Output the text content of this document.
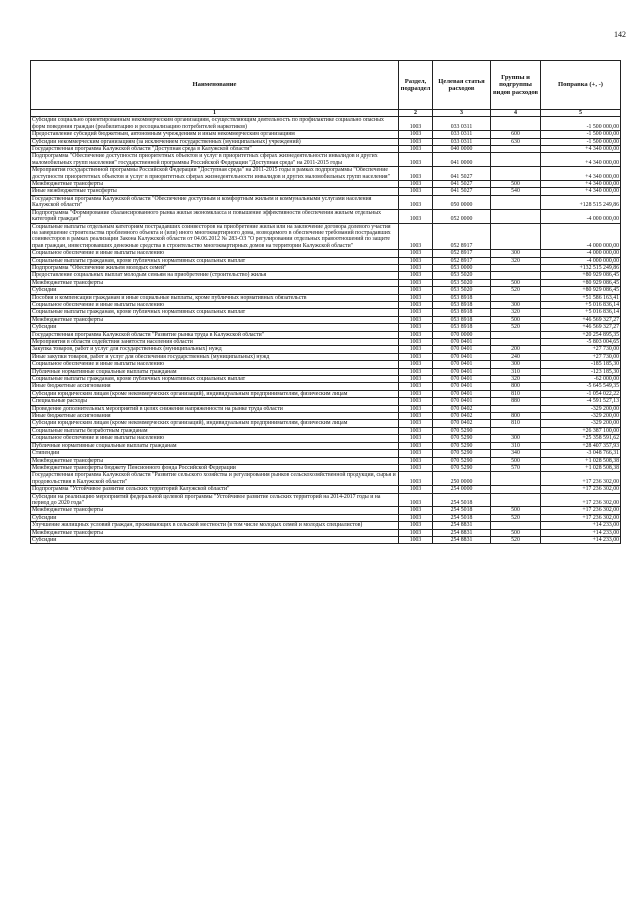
142
Наименование	Раздел, подраздел	Целевая статья расходов	Группы и подгруппы видов расходов	Поправка (+, -)
1	2	3	4	5
Субсидии социально ориентированным некоммерческим организациям, осуществляющим деятельность по профилактике социально опасных форм поведения граждан (реабилитацию и ресоциализацию потребителей наркотиков)	1003	033 0311		-1 500 000,00
Предоставление субсидий бюджетным, автономным учреждениям и иным некоммерческим организациям	1003	033 0311	600	-1 500 000,00
Субсидии некоммерческим организациям (за исключением государственных (муниципальных) учреждений)	1003	033 0311	630	-1 500 000,00
Государственная программа Калужской области "Доступная среда в Калужской области"	1003	040 0000		+4 340 000,00
Подпрограмма "Обеспечение доступности приоритетных объектов и услуг в приоритетных сферах жизнедеятельности инвалидов и других маломобильных групп населения" государственной программы Российской Федерации "Доступная среда" на 2011-2015 годы	1003	041 0000		+4 340 000,00
Мероприятия государственной программы Российской Федерации "Доступная среда" на 2011-2015 годы в рамках подпрограммы "Обеспечение доступности приоритетных объектов и услуг в приоритетных сферах жизнедеятельности инвалидов и других маломобильных групп населения"	1003	041 5027		+4 340 000,00
Межбюджетные трансферты	1003	041 5027	500	+4 340 000,00
Иные межбюджетные трансферты	1003	041 5027	540	+4 340 000,00
Государственная программа Калужской области "Обеспечение доступным и комфортным жильем и коммунальными услугами населения Калужской области"	1003	050 0000		+128 515 249,86
Подпрограмма "Формирование сбалансированного рынка жилья экономкласса и повышение эффективности обеспечения жильем отдельных категорий граждан"	1003	052 0000		-4 000 000,00
Социальные выплаты отдельным категориям пострадавших соинвесторов на приобретение жилья или на заключение договора долевого участия на завершение строительства проблемного объекта и (или) иного многоквартирного дома, возводимого в обеспечение требований пострадавших соинвесторов в рамках реализации Закона Калужской области от 04.06.2012 № 283-ОЗ "О регулировании отдельных правоотношений по защите прав граждан, инвестировавших денежные средства в строительство многоквартирных домов на территории Калужской области"	1003	052 8917		-4 000 000,00
Социальное обеспечение и иные выплаты населению	1003	052 8917	300	-4 000 000,00
Социальные выплаты гражданам, кроме публичных нормативных социальных выплат	1003	052 8917	320	-4 000 000,00
Подпрограмма "Обеспечение жильем молодых семей"	1003	053 0000		+132 515 249,86
Предоставление социальных выплат молодым семьям на приобретение (строительство) жилья	1003	053 5020		+80 929 086,45
Межбюджетные трансферты	1003	053 5020	500	+80 929 086,45
Субсидии	1003	053 5020	520	+80 929 086,45
Пособия и компенсации гражданам и иные социальные выплаты, кроме публичных нормативных обязательств	1003	053 8918		+51 586 163,41
Социальное обеспечение и иные выплаты населению	1003	053 8918	300	+5 016 836,14
Социальные выплаты гражданам, кроме публичных нормативных социальных выплат	1003	053 8918	320	+5 016 836,14
Межбюджетные трансферты	1003	053 8918	500	+46 569 327,27
Субсидии	1003	053 8918	520	+46 569 327,27
Государственная программа Калужской области "Развитие рынка труда в Калужской области"	1003	070 0000		+20 254 895,35
Мероприятия в области содействия занятости населения области	1003	070 0401		-5 803 004,65
Закупка товаров, работ и услуг для государственных (муниципальных) нужд	1003	070 0401	200	+27 730,00
Иные закупки товаров, работ и услуг для обеспечения государственных (муниципальных) нужд	1003	070 0401	240	+27 730,00
Социальное обеспечение и иные выплаты населению	1003	070 0401	300	-185 185,30
Публичные нормативные социальные выплаты гражданам	1003	070 0401	310	-123 185,30
Социальные выплаты гражданам, кроме публичных нормативных социальных выплат	1003	070 0401	320	-62 000,00
Иные бюджетные ассигнования	1003	070 0401	800	-5 645 549,35
Субсидии юридическим лицам (кроме некоммерческих организаций), индивидуальным предпринимателям, физическим лицам	1003	070 0401	810	-1 054 022,22
Специальные расходы	1003	070 0401	880	-4 591 527,13
Проведение дополнительных мероприятий в целях снижения напряженности на рынке труда области	1003	070 0402		-329 200,00
Иные бюджетные ассигнования	1003	070 0402	800	-329 200,00
Субсидии юридическим лицам (кроме некоммерческих организаций), индивидуальным предпринимателям, физическим лицам	1003	070 0402	810	-329 200,00
Социальные выплаты безработным гражданам	1003	070 5290		+26 387 100,00
Социальное обеспечение и иные выплаты населению	1003	070 5290	300	+25 358 591,62
Публичные нормативные социальные выплаты гражданам	1003	070 5290	310	+28 407 357,93
Стипендии	1003	070 5290	340	-3 048 766,31
Межбюджетные трансферты	1003	070 5290	500	+1 028 508,38
Межбюджетные трансферты бюджету Пенсионного фонда Российской Федерации	1003	070 5290	570	+1 028 508,38
Государственная программа Калужской области "Развитие сельского хозяйства и регулирования рынков сельскохозяйственной продукции, сырья и продовольствия в Калужской области"	1003	250 0000		+17 236 302,00
Подпрограмма "Устойчивое развитие сельских территорий Калужской области"	1003	254 0000		+17 236 302,00
Субсидии на реализацию мероприятий федеральной целевой программы "Устойчивое развитие сельских территорий на 2014-2017 годы и на период до 2020 года"	1003	254 5018		+17 236 302,00
Межбюджетные трансферты	1003	254 5018	500	+17 236 302,00
Субсидии	1003	254 5018	520	+17 236 302,00
Улучшение жилищных условий граждан, проживающих в сельской местности (в том числе молодых семей и молодых специалистов)	1003	254 8831		+14 233,00
Межбюджетные трансферты	1003	254 8831	500	+14 233,00
Субсидии	1003	254 8831	520	+14 233,00
